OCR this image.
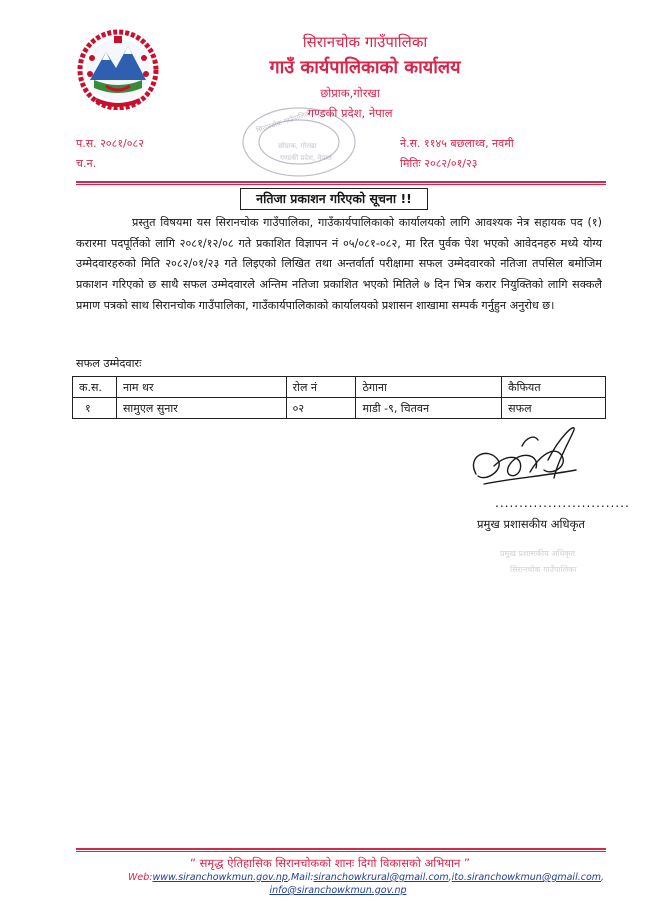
सिरानचोक गाउँपालिका
गाउँ कार्यपालिकाको कार्यालय
छोप्राक,गोरखा
गण्डकी प्रदेश, नेपाल
सिरानचोक गाउँपालिका
छोप्राक, गोरखा
गण्डकी प्रदेश, नेपाल
प.स. २०८१/०८२
च.न.
ने.स. ११४५ बछलाथ्व, नवमी
मितिः २०८२/०१/२३
नतिजा प्रकाशन गरिएको सूचना !!
प्रस्तुत विषयमा यस सिरानचोक गाउँपालिका, गाउँकार्यपालिकाको कार्यालयको लागि आवश्यक नेत्र सहायक पद (१) करारमा पदपूर्तिको लागि २०८१/१२/०८ गते प्रकाशित विज्ञापन नं ०५/०८१-०८२, मा रित पुर्वक पेश भएको आवेदनहरु मध्ये योग्य उम्मेदवारहरुको मिति २०८२/०१/२३ गते लिइएको लिखित तथा अन्तर्वार्ता परीक्षामा सफल उम्मेदवारको नतिजा तपसिल बमोजिम प्रकाशन गरिएको छ साथै सफल उम्मेदवारले अन्तिम नतिजा प्रकाशित भएको मितिले ७ दिन भित्र करार नियुक्तिको लागि सक्कलै प्रमाण पत्रको साथ सिरानचोक गाउँपालिका, गाउँकार्यपालिकाको कार्यालयको प्रशासन शाखामा सम्पर्क गर्नुहुन अनुरोध छ।
सफल उम्मेदवारः
क.स.	नाम थर	रोल नं	ठेगाना	कैफियत
१	सामुएल सुनार	०२	माडी -९, चितवन	सफल
............................
प्रमुख प्रशासकीय अधिकृत
प्रमुख प्रशासकीय अधिकृत
सिरानचोक गाउँपालिका
“ समृद्ध ऐतिहासिक सिरानचोकको शानः दिगो विकासको अभियान ”
Web:www.siranchowkmun.gov.np,Mail:siranchowkrural@gmail.com,ito.siranchowkmun@gmail.com,
info@siranchowkmun.gov.np
